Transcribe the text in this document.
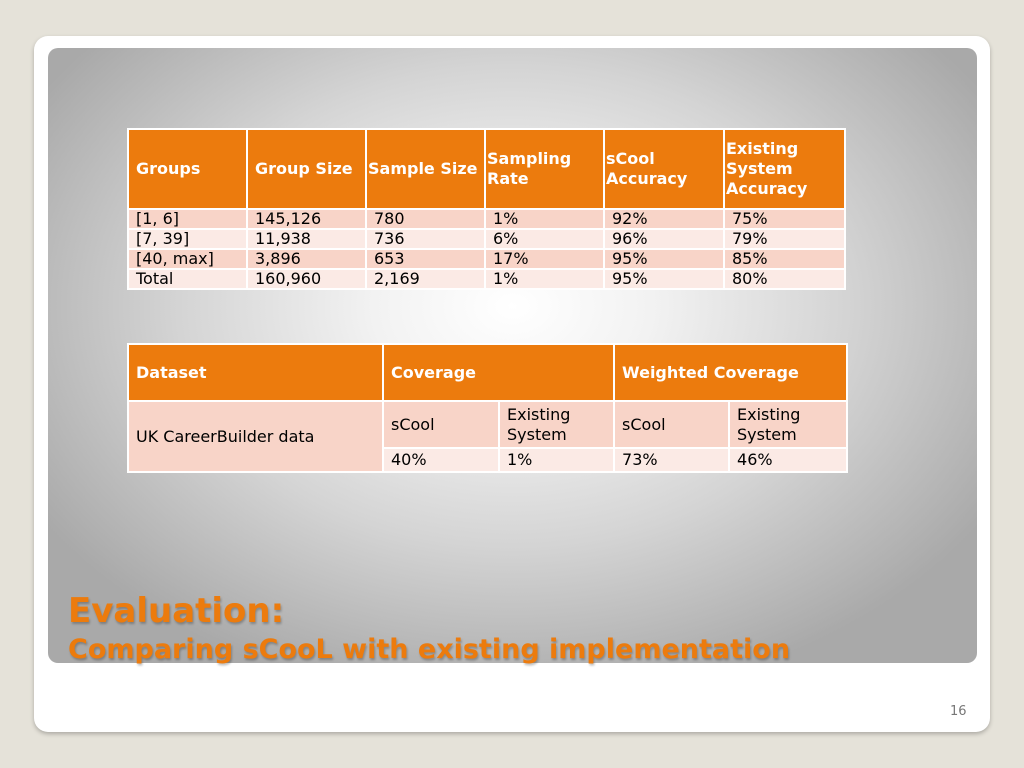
Groups	Group Size	Sample Size	Sampling Rate	sCool Accuracy	Existing System Accuracy
[1, 6]	145,126	780	1%	92%	75%
[7, 39]	11,938	736	6%	96%	79%
[40, max]	3,896	653	17%	95%	85%
Total	160,960	2,169	1%	95%	80%
Dataset	Coverage		Weighted Coverage	
UK CareerBuilder data	sCool	Existing System	sCool	Existing System
	40%	1%	73%	46%
Evaluation:
Comparing sCooL with existing implementation
16
